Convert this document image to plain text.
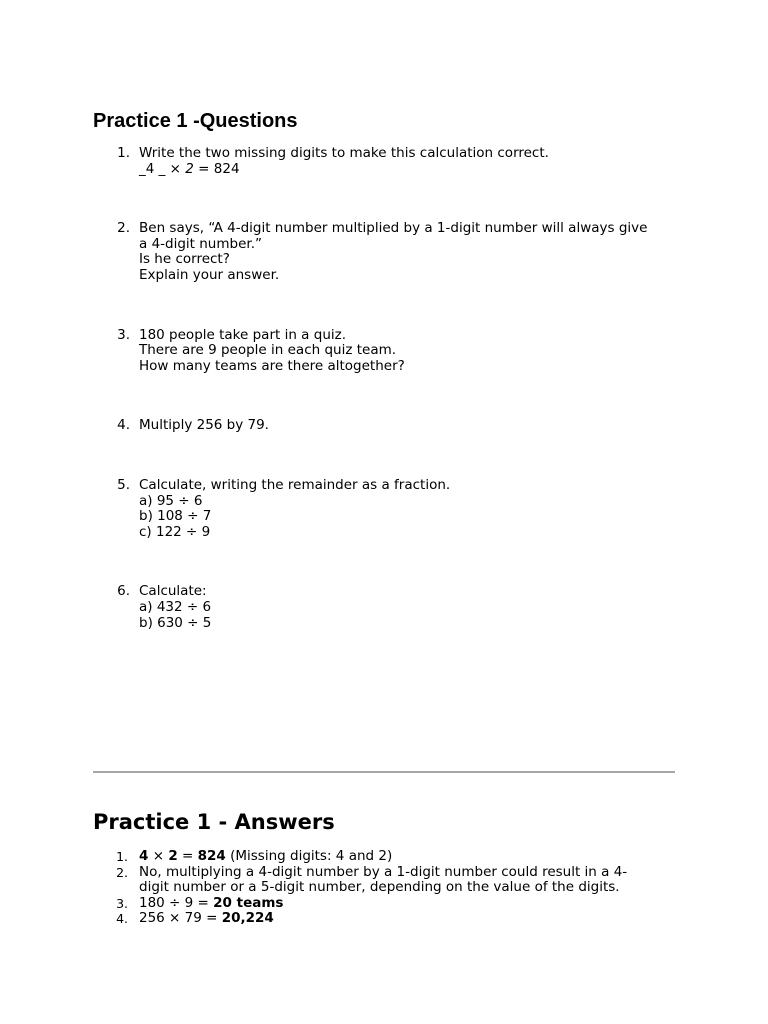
Practice 1 -Questions
1. Write the two missing digits to make this calculation correct.
_4 _ × 2 = 824
2. Ben says, “A 4-digit number multiplied by a 1-digit number will always give a 4-digit number.”
Is he correct?
Explain your answer.
3. 180 people take part in a quiz.
There are 9 people in each quiz team.
How many teams are there altogether?
4. Multiply 256 by 79.
5. Calculate, writing the remainder as a fraction.
a) 95 ÷ 6
b) 108 ÷ 7
c) 122 ÷ 9
6. Calculate:
a) 432 ÷ 6
b) 630 ÷ 5
Practice 1 - Answers
1. 4 × 2 = 824 (Missing digits: 4 and 2)
2. No, multiplying a 4-digit number by a 1-digit number could result in a 4-digit number or a 5-digit number, depending on the value of the digits.
3. 180 ÷ 9 = 20 teams
4. 256 × 79 = 20,224
